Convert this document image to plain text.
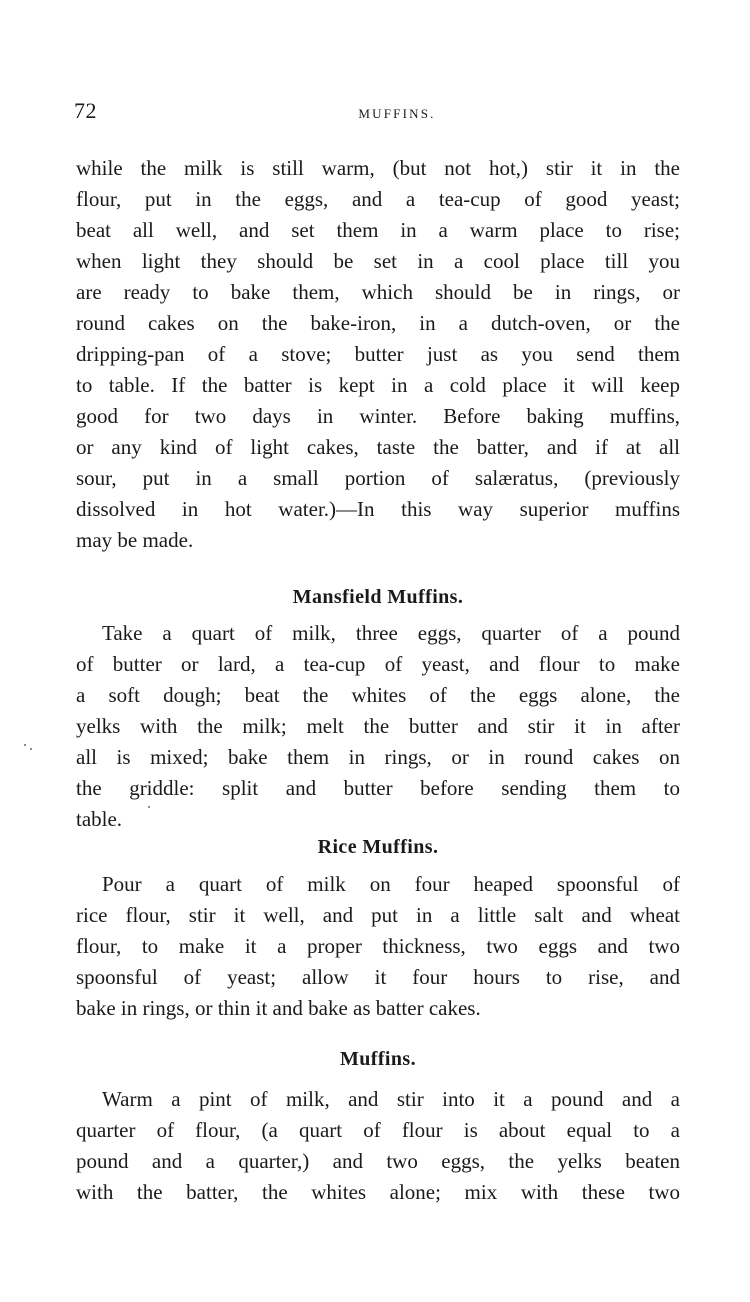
72	MUFFINS.
while the milk is still warm, (but not hot,) stir it in the
flour, put in the eggs, and a tea-cup of good yeast;
beat all well, and set them in a warm place to rise;
when light they should be set in a cool place till you
are ready to bake them, which should be in rings, or
round cakes on the bake-iron, in a dutch-oven, or the
dripping-pan of a stove; butter just as you send them
to table. If the batter is kept in a cold place it will keep
good for two days in winter. Before baking muffins,
or any kind of light cakes, taste the batter, and if at all
sour, put in a small portion of salæratus, (previously
dissolved in hot water.)—In this way superior muffins
may be made.
Mansfield Muffins.
Take a quart of milk, three eggs, quarter of a pound
of butter or lard, a tea-cup of yeast, and flour to make
a soft dough; beat the whites of the eggs alone, the
yelks with the milk; melt the butter and stir it in after
all is mixed; bake them in rings, or in round cakes on
the griddle: split and butter before sending them to
table.
Rice Muffins.
Pour a quart of milk on four heaped spoonsful of
rice flour, stir it well, and put in a little salt and wheat
flour, to make it a proper thickness, two eggs and two
spoonsful of yeast; allow it four hours to rise, and
bake in rings, or thin it and bake as batter cakes.
Muffins.
Warm a pint of milk, and stir into it a pound and a
quarter of flour, (a quart of flour is about equal to a
pound and a quarter,) and two eggs, the yelks beaten
with the batter, the whites alone; mix with these two
